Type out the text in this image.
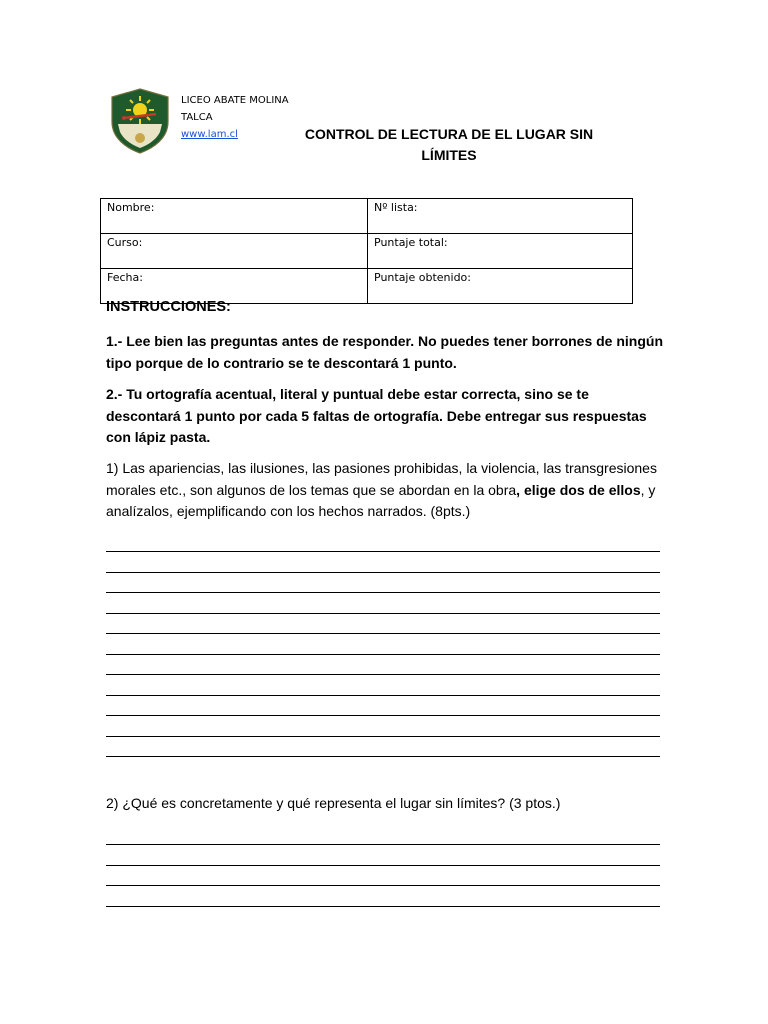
LICEO ABATE MOLINA
TALCA
www.lam.cl	CONTROL DE LECTURA DE EL LUGAR SIN LÍMITES
Nombre:	Nº lista:
Curso:	Puntaje total:
Fecha:	Puntaje obtenido:
INSTRUCCIONES:
1.- Lee bien las preguntas antes de responder. No puedes tener borrones de ningún tipo porque de lo contrario se te descontará 1 punto.
2.- Tu ortografía acentual, literal y puntual debe estar correcta, sino se te descontará 1 punto por cada 5 faltas de ortografía. Debe entregar sus respuestas con lápiz pasta.
1) Las apariencias, las ilusiones, las pasiones prohibidas, la violencia, las transgresiones morales etc., son algunos de los temas que se abordan en la obra, elige dos de ellos, y analízalos, ejemplificando con los hechos narrados. (8pts.)
2) ¿Qué es concretamente y qué representa el lugar sin límites? (3 ptos.)
